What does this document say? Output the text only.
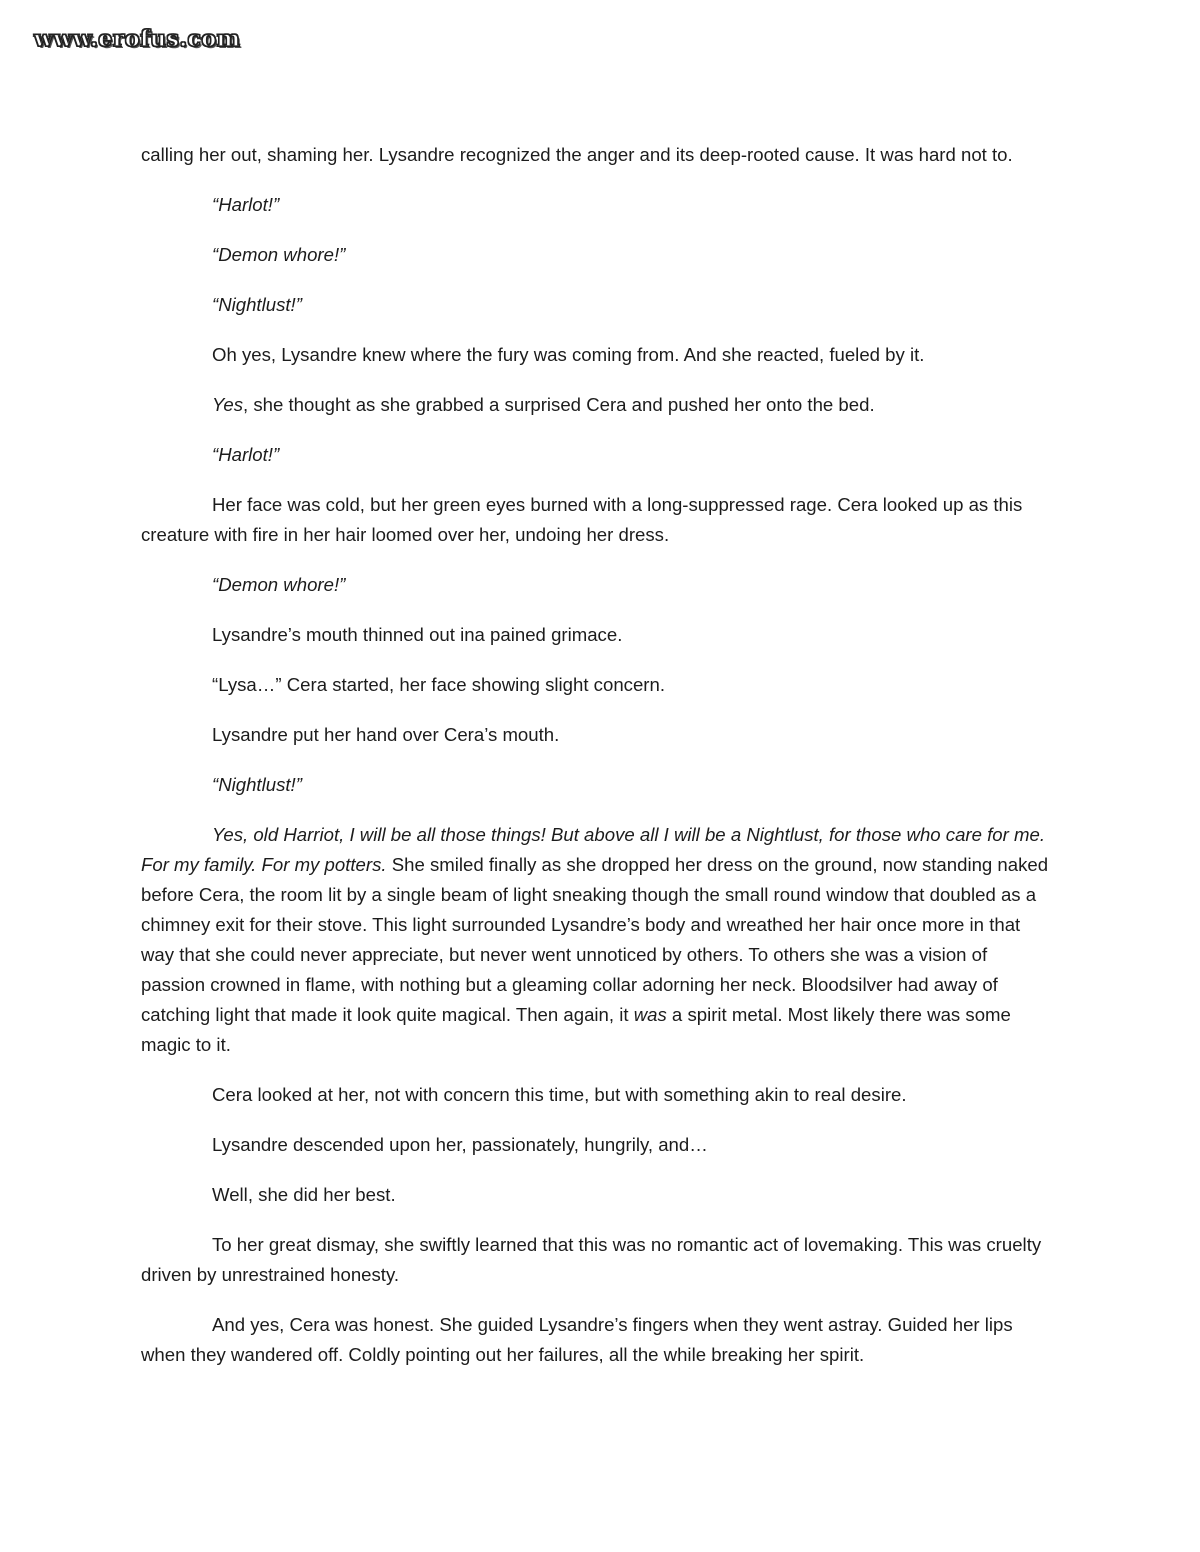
www.erofus.com

calling her out, shaming her. Lysandre recognized the anger and its deep-rooted cause. It was hard not to.

“Harlot!”

“Demon whore!”

“Nightlust!”

Oh yes, Lysandre knew where the fury was coming from. And she reacted, fueled by it.

Yes, she thought as she grabbed a surprised Cera and pushed her onto the bed.

“Harlot!”

Her face was cold, but her green eyes burned with a long-suppressed rage. Cera looked up as this creature with fire in her hair loomed over her, undoing her dress.

“Demon whore!”

Lysandre’s mouth thinned out ina pained grimace.

“Lysa…” Cera started, her face showing slight concern.

Lysandre put her hand over Cera’s mouth.

“Nightlust!”

Yes, old Harriot, I will be all those things! But above all I will be a Nightlust, for those who care for me. For my family. For my potters. She smiled finally as she dropped her dress on the ground, now standing naked before Cera, the room lit by a single beam of light sneaking though the small round window that doubled as a chimney exit for their stove. This light surrounded Lysandre’s body and wreathed her hair once more in that way that she could never appreciate, but never went unnoticed by others. To others she was a vision of passion crowned in flame, with nothing but a gleaming collar adorning her neck. Bloodsilver had away of catching light that made it look quite magical. Then again, it was a spirit metal. Most likely there was some magic to it.

Cera looked at her, not with concern this time, but with something akin to real desire.

Lysandre descended upon her, passionately, hungrily, and…

Well, she did her best.

To her great dismay, she swiftly learned that this was no romantic act of lovemaking. This was cruelty driven by unrestrained honesty.

And yes, Cera was honest. She guided Lysandre’s fingers when they went astray. Guided her lips when they wandered off. Coldly pointing out her failures, all the while breaking her spirit.
